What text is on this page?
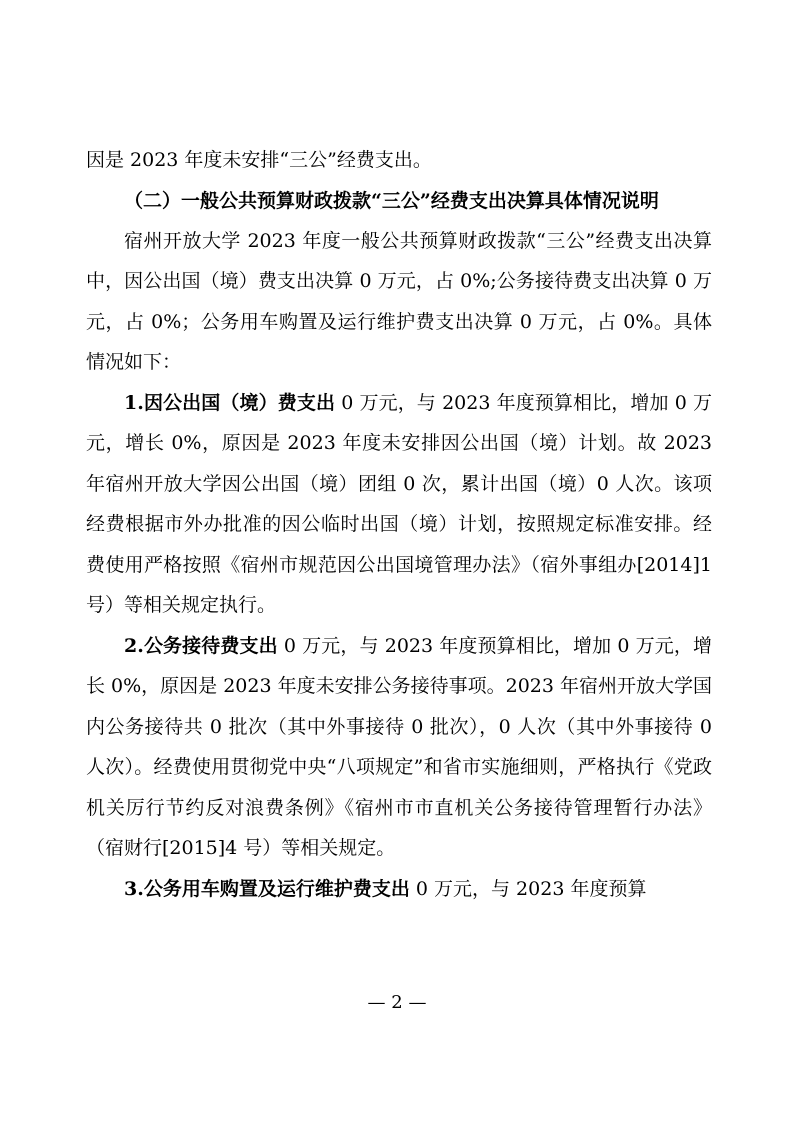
因是 2023 年度未安排“三公”经费支出。

（二）一般公共预算财政拨款“三公”经费支出决算具体情况说明

宿州开放大学 2023 年度一般公共预算财政拨款“三公”经费支出决算中，因公出国（境）费支出决算 0 万元，占 0%;公务接待费支出决算 0 万元，占 0%；公务用车购置及运行维护费支出决算 0 万元，占 0%。具体情况如下：

1.因公出国（境）费支出 0 万元，与 2023 年度预算相比，增加 0 万元，增长 0%，原因是 2023 年度未安排因公出国（境）计划。故 2023 年宿州开放大学因公出国（境）团组 0 次，累计出国（境）0 人次。该项经费根据市外办批准的因公临时出国（境）计划，按照规定标准安排。经费使用严格按照《宿州市规范因公出国境管理办法》（宿外事组办[2014]1 号）等相关规定执行。

2.公务接待费支出 0 万元，与 2023 年度预算相比，增加 0 万元，增长 0%，原因是 2023 年度未安排公务接待事项。2023 年宿州开放大学国内公务接待共 0 批次（其中外事接待 0 批次），0 人次（其中外事接待 0 人次）。经费使用贯彻党中央“八项规定”和省市实施细则，严格执行《党政机关厉行节约反对浪费条例》《宿州市市直机关公务接待管理暂行办法》（宿财行[2015]4 号）等相关规定。

3.公务用车购置及运行维护费支出 0 万元，与 2023 年度预算

— 2 —
